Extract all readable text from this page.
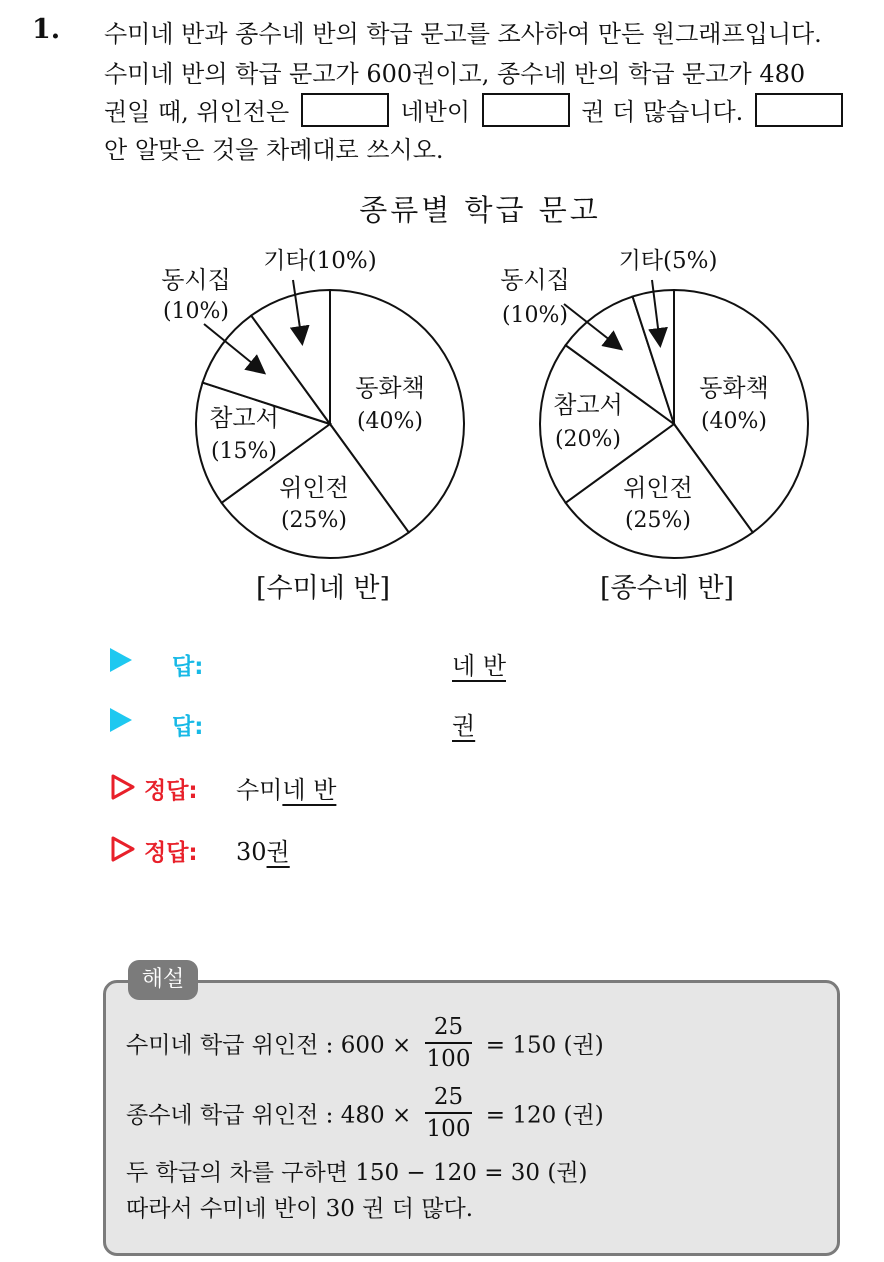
1. 수미네 반과 종수네 반의 학급 문고를 조사하여 만든 원그래프입니다.
수미네 반의 학급 문고가 600권이고, 종수네 반의 학급 문고가 480
권일 때, 위인전은	네반이	권 더 많습니다.
안 알맞은 것을 차례대로 쓰시오.
종류별 학급 문고
동화책
(40%)
위인전
(25%)
참고서
(15%)
동시집
(10%)
기타(10%)
동화책
(40%)
위인전
(25%)
참고서
(20%)
동시집
(10%)
기타(5%)
[수미네 반]	[종수네 반]
답:	네 반
답:	권
정답: 수미네 반
정답: 30권
해설
수미네 학급 위인전 : $600 \times \frac{25}{100} = 150$ (권)
종수네 학급 위인전 : $480 \times \frac{25}{100} = 120$ (권)
두 학급의 차를 구하면 150 − 120 = 30 (권)
따라서 수미네 반이 30 권 더 많다.
